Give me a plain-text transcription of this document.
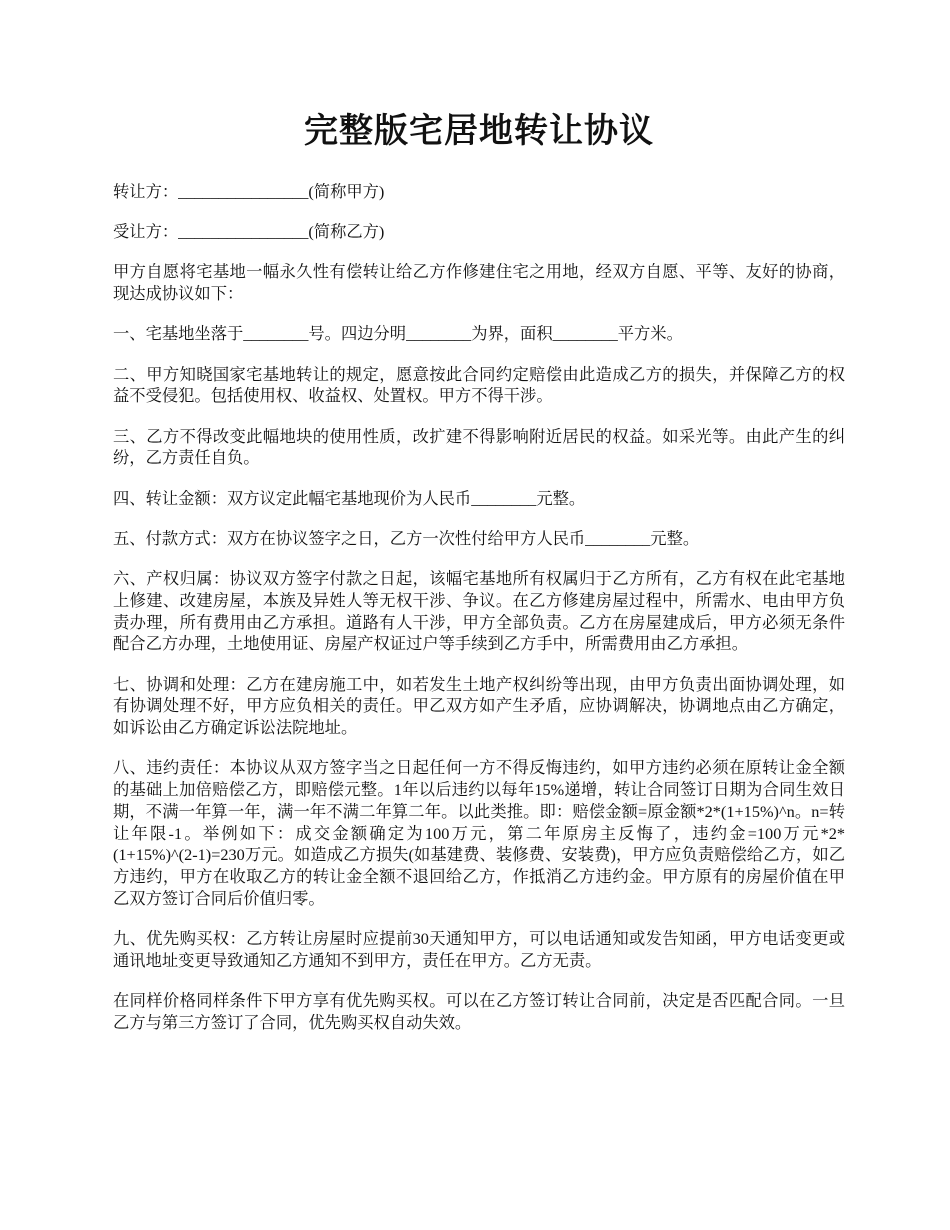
完整版宅居地转让协议

转让方：________________(简称甲方)

受让方：________________(简称乙方)

甲方自愿将宅基地一幅永久性有偿转让给乙方作修建住宅之用地，经双方自愿、平等、友好的协商，现达成协议如下：

一、宅基地坐落于________号。四边分明________为界，面积________平方米。

二、甲方知晓国家宅基地转让的规定，愿意按此合同约定赔偿由此造成乙方的损失，并保障乙方的权益不受侵犯。包括使用权、收益权、处置权。甲方不得干涉。

三、乙方不得改变此幅地块的使用性质，改扩建不得影响附近居民的权益。如采光等。由此产生的纠纷，乙方责任自负。

四、转让金额：双方议定此幅宅基地现价为人民币________元整。

五、付款方式：双方在协议签字之日，乙方一次性付给甲方人民币________元整。

六、产权归属：协议双方签字付款之日起，该幅宅基地所有权属归于乙方所有，乙方有权在此宅基地上修建、改建房屋，本族及异姓人等无权干涉、争议。在乙方修建房屋过程中，所需水、电由甲方负责办理，所有费用由乙方承担。道路有人干涉，甲方全部负责。乙方在房屋建成后，甲方必须无条件配合乙方办理，土地使用证、房屋产权证过户等手续到乙方手中，所需费用由乙方承担。

七、协调和处理：乙方在建房施工中，如若发生土地产权纠纷等出现，由甲方负责出面协调处理，如有协调处理不好，甲方应负相关的责任。甲乙双方如产生矛盾，应协调解决，协调地点由乙方确定，如诉讼由乙方确定诉讼法院地址。

八、违约责任：本协议从双方签字当之日起任何一方不得反悔违约，如甲方违约必须在原转让金全额的基础上加倍赔偿乙方，即赔偿元整。1年以后违约以每年15%递增，转让合同签订日期为合同生效日期，不满一年算一年，满一年不满二年算二年。以此类推。即：赔偿金额=原金额*2*(1+15%)^n。n=转让年限-1。举例如下：成交金额确定为100万元，第二年原房主反悔了，违约金=100万元*2*(1+15%)^(2-1)=230万元。如造成乙方损失(如基建费、装修费、安装费)，甲方应负责赔偿给乙方，如乙方违约，甲方在收取乙方的转让金全额不退回给乙方，作抵消乙方违约金。甲方原有的房屋价值在甲乙双方签订合同后价值归零。

九、优先购买权：乙方转让房屋时应提前30天通知甲方，可以电话通知或发告知函，甲方电话变更或通讯地址变更导致通知乙方通知不到甲方，责任在甲方。乙方无责。

在同样价格同样条件下甲方享有优先购买权。可以在乙方签订转让合同前，决定是否匹配合同。一旦乙方与第三方签订了合同，优先购买权自动失效。
